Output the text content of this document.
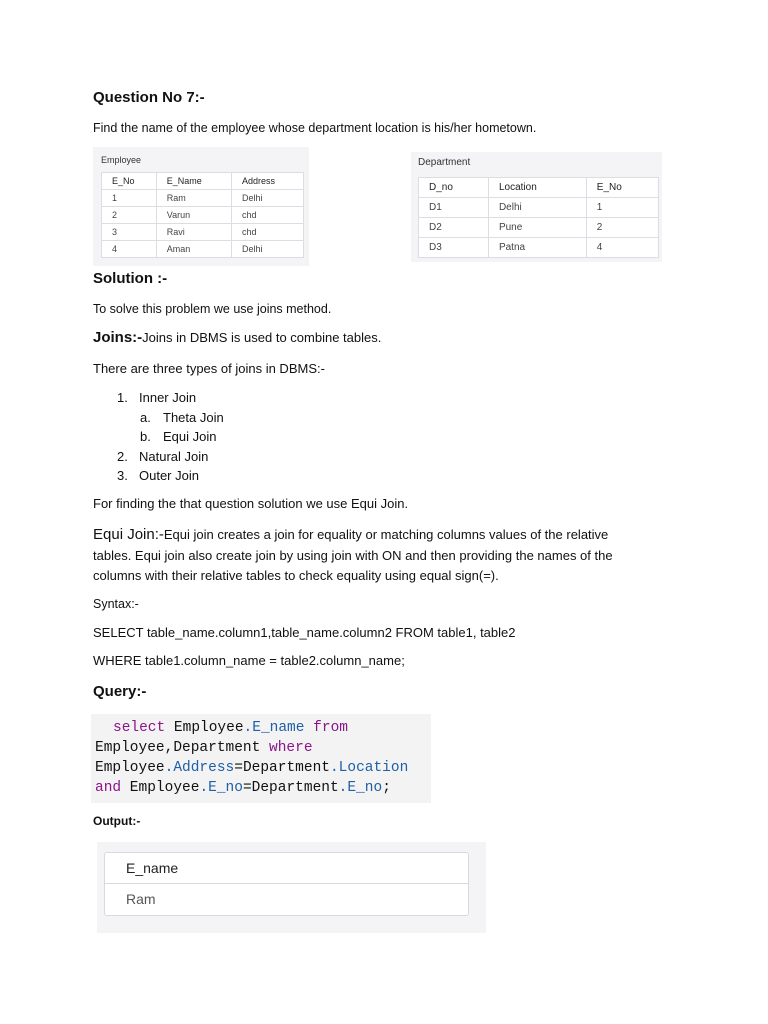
Question No 7:-
Find the name of the employee whose department location is his/her hometown.
Employee
E_No	E_Name	Address
1	Ram	Delhi
2	Varun	chd
3	Ravi	chd
4	Aman	Delhi
Department
D_no	Location	E_No
D1	Delhi	1
D2	Pune	2
D3	Patna	4
Solution :-
To solve this problem we use joins method.
Joins:-Joins in DBMS is used to combine tables.
There are three types of joins in DBMS:-
1. Inner Join
a. Theta Join
b. Equi Join
2. Natural Join
3. Outer Join
For finding the that question solution we use Equi Join.
Equi Join:-Equi join creates a join for equality or matching columns values of the relative
tables. Equi join also create join by using join with ON and then providing the names of the
columns with their relative tables to check equality using equal sign(=).
Syntax:-
SELECT table_name.column1,table_name.column2 FROM table1, table2
WHERE table1.column_name = table2.column_name;
Query:-
select Employee.E_name from
Employee,Department where
Employee.Address=Department.Location
and Employee.E_no=Department.E_no;
Output:-
E_name
Ram
